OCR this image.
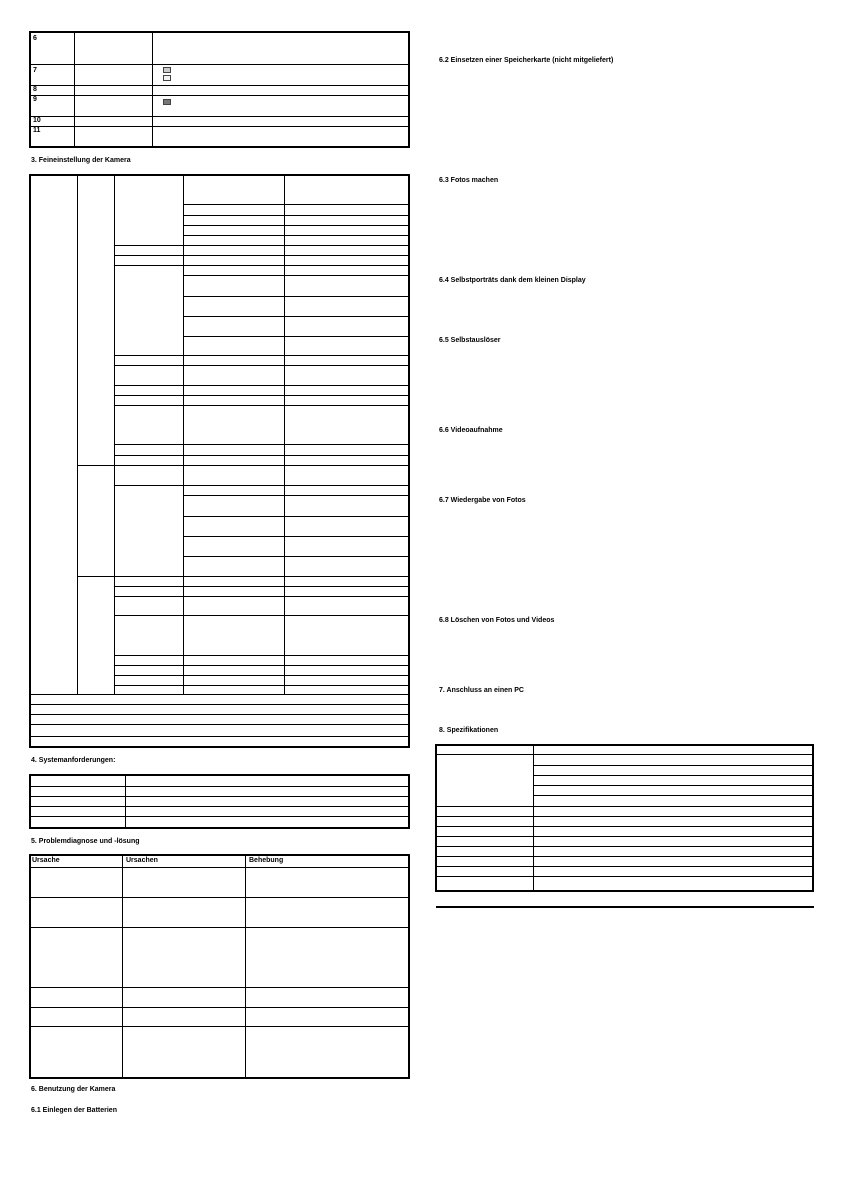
6
7
8
9
10
11
3. Feineinstellung der Kamera
4. Systemanforderungen:
5. Problemdiagnose und -lösung
Ursache	Ursachen	Behebung
6. Benutzung der Kamera
6.1 Einlegen der Batterien
6.2 Einsetzen einer Speicherkarte (nicht mitgeliefert)
6.3 Fotos machen
6.4 Selbstporträts dank dem kleinen Display
6.5 Selbstauslöser
6.6 Videoaufnahme
6.7 Wiedergabe von Fotos
6.8 Löschen von Fotos und Videos
7. Anschluss an einen PC
8. Spezifikationen
